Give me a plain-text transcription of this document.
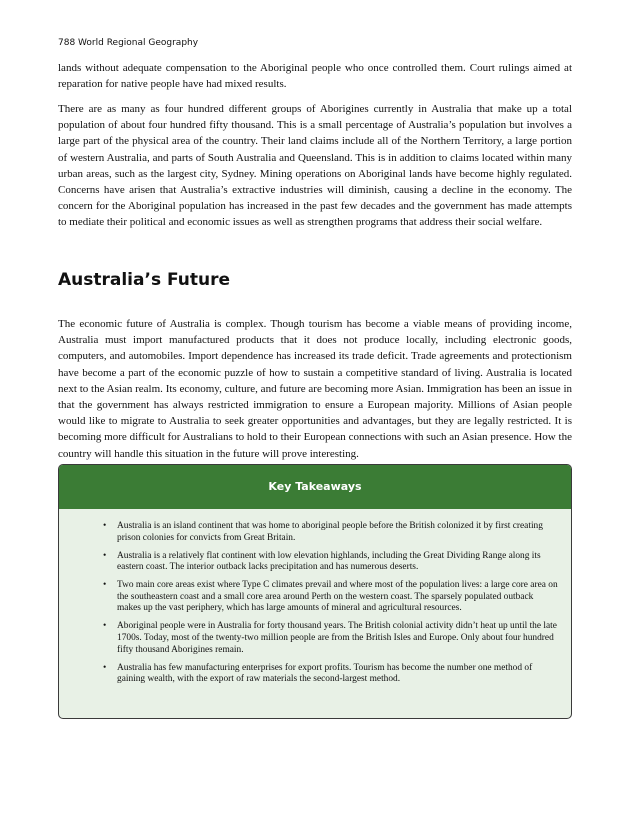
788 World Regional Geography

lands without adequate compensation to the Aboriginal people who once controlled them. Court rulings aimed at reparation for native people have had mixed results.

There are as many as four hundred different groups of Aborigines currently in Australia that make up a total population of about four hundred fifty thousand. This is a small percentage of Australia’s population but involves a large part of the physical area of the country. Their land claims include all of the Northern Territory, a large portion of western Australia, and parts of South Australia and Queensland. This is in addition to claims located within many urban areas, such as the largest city, Sydney. Mining operations on Aboriginal lands have become highly regulated. Concerns have arisen that Australia’s extractive industries will diminish, causing a decline in the economy. The concern for the Aboriginal population has increased in the past few decades and the government has made attempts to mediate their political and economic issues as well as strengthen programs that address their social welfare.

Australia’s Future

The economic future of Australia is complex. Though tourism has become a viable means of providing income, Australia must import manufactured products that it does not produce locally, including electronic goods, computers, and automobiles. Import dependence has increased its trade deficit. Trade agreements and protectionism have become a part of the economic puzzle of how to sustain a competitive standard of living. Australia is located next to the Asian realm. Its economy, culture, and future are becoming more Asian. Immigration has been an issue in that the government has always restricted immigration to ensure a European majority. Millions of Asian people would like to migrate to Australia to seek greater opportunities and advantages, but they are legally restricted. It is becoming more difficult for Australians to hold to their European connections with such an Asian presence. How the country will handle this situation in the future will prove interesting.

Key Takeaways
• Australia is an island continent that was home to aboriginal people before the British colonized it by first creating prison colonies for convicts from Great Britain.
• Australia is a relatively flat continent with low elevation highlands, including the Great Dividing Range along its eastern coast. The interior outback lacks precipitation and has numerous deserts.
• Two main core areas exist where Type C climates prevail and where most of the population lives: a large core area on the southeastern coast and a small core area around Perth on the western coast. The sparsely populated outback makes up the vast periphery, which has large amounts of mineral and agricultural resources.
• Aboriginal people were in Australia for forty thousand years. The British colonial activity didn’t heat up until the late 1700s. Today, most of the twenty-two million people are from the British Isles and Europe. Only about four hundred fifty thousand Aborigines remain.
• Australia has few manufacturing enterprises for export profits. Tourism has become the number one method of gaining wealth, with the export of raw materials the second-largest method.
